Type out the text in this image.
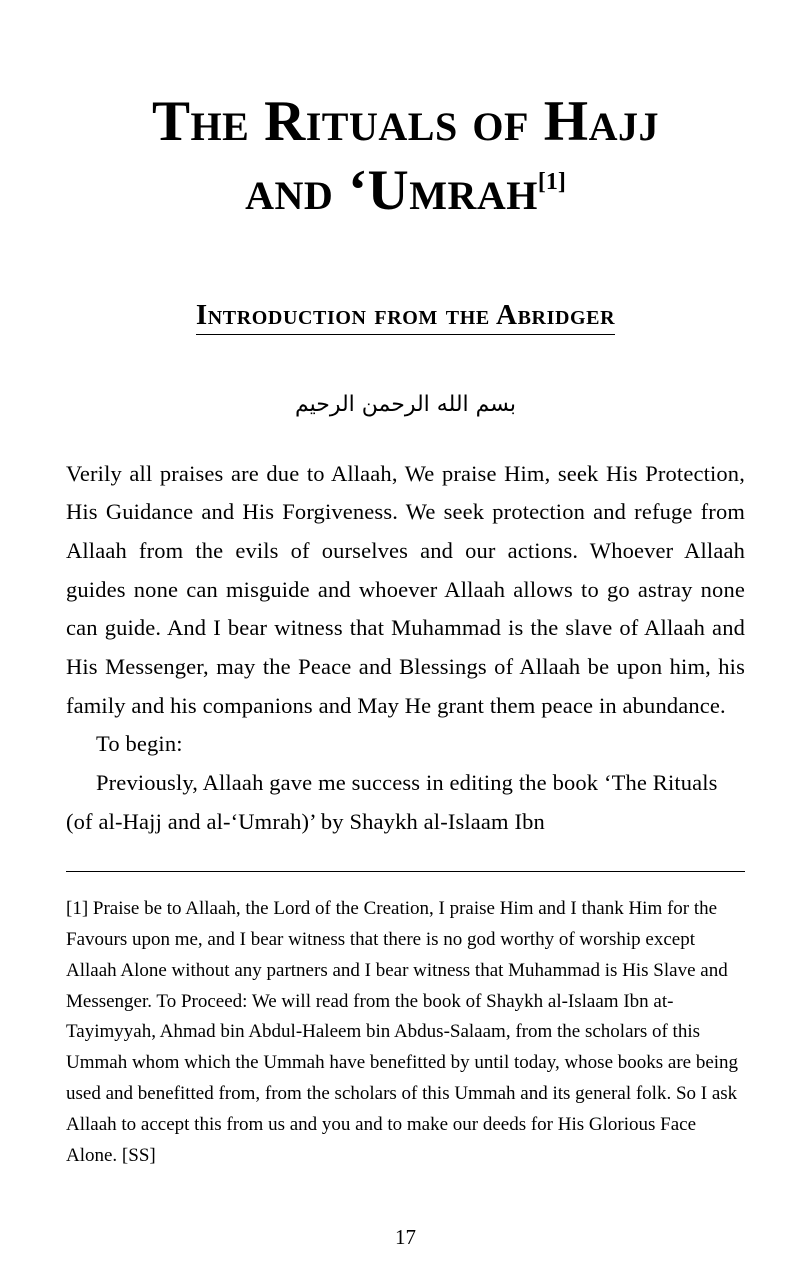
The Rituals of Hajj
and ‘Umrah[1]
Introduction from the Abridger
بسم الله الرحمن الرحيم

Verily all praises are due to Allaah, We praise Him, seek His Protection, His Guidance and His Forgiveness. We seek protection and refuge from Allaah from the evils of ourselves and our actions. Whoever Allaah guides none can misguide and whoever Allaah allows to go astray none can guide. And I bear witness that Muhammad is the slave of Allaah and His Messenger, may the Peace and Blessings of Allaah be upon him, his family and his companions and May He grant them peace in abundance.

To begin:

Previously, Allaah gave me success in editing the book ‘The Rituals (of al-Hajj and al-‘Umrah)’ by Shaykh al-Islaam Ibn

[1] Praise be to Allaah, the Lord of the Creation, I praise Him and I thank Him for the Favours upon me, and I bear witness that there is no god worthy of worship except Allaah Alone without any partners and I bear witness that Muhammad is His Slave and Messenger. To Proceed: We will read from the book of Shaykh al-Islaam Ibn at-Tayimyyah, Ahmad bin Abdul-Haleem bin Abdus-Salaam, from the scholars of this Ummah whom which the Ummah have benefitted by until today, whose books are being used and benefitted from, from the scholars of this Ummah and its general folk. So I ask Allaah to accept this from us and you and to make our deeds for His Glorious Face Alone. [SS]

17
